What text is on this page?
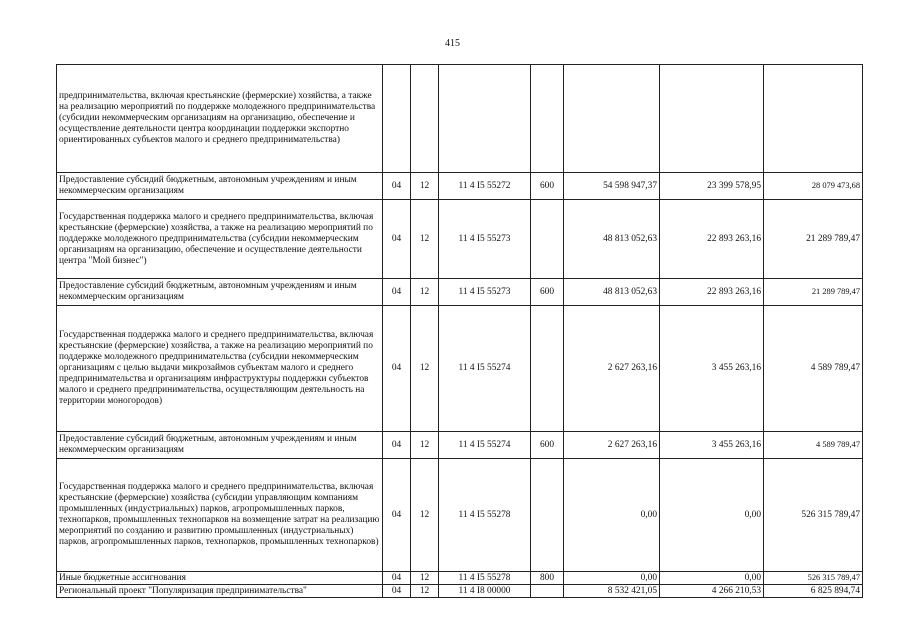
415
предпринимательства, включая крестьянские (фермерские) хозяйства, а также на реализацию мероприятий по поддержке молодежного предпринимательства (субсидии некоммерческим организациям на организацию, обеспечение и осуществление деятельности центра координации поддержки экспортно ориентированных субъектов малого и среднего предпринимательства)							
Предоставление субсидий бюджетным, автономным учреждениям и иным некоммерческим организациям	04	12	11 4 I5 55272	600	54 598 947,37	23 399 578,95	28 079 473,68
Государственная поддержка малого и среднего предпринимательства, включая крестьянские (фермерские) хозяйства, а также на реализацию мероприятий по поддержке молодежного предпринимательства (субсидии некоммерческим организациям на организацию, обеспечение и осуществление деятельности центра "Мой бизнес")	04	12	11 4 I5 55273		48 813 052,63	22 893 263,16	21 289 789,47
Предоставление субсидий бюджетным, автономным учреждениям и иным некоммерческим организациям	04	12	11 4 I5 55273	600	48 813 052,63	22 893 263,16	21 289 789,47
Государственная поддержка малого и среднего предпринимательства, включая крестьянские (фермерские) хозяйства, а также на реализацию мероприятий по поддержке молодежного предпринимательства (субсидии некоммерческим организациям с целью выдачи микрозаймов субъектам малого и среднего предпринимательства и организациям инфраструктуры поддержки субъектов малого и среднего предпринимательства, осуществляющим деятельность на территории моногородов)	04	12	11 4 I5 55274		2 627 263,16	3 455 263,16	4 589 789,47
Предоставление субсидий бюджетным, автономным учреждениям и иным некоммерческим организациям	04	12	11 4 I5 55274	600	2 627 263,16	3 455 263,16	4 589 789,47
Государственная поддержка малого и среднего предпринимательства, включая крестьянские (фермерские) хозяйства (субсидии управляющим компаниям промышленных (индустриальных) парков, агропромышленных парков, технопарков, промышленных технопарков на возмещение затрат на реализацию мероприятий по созданию и развитию промышленных (индустриальных) парков, агропромышленных парков, технопарков, промышленных технопарков)	04	12	11 4 I5 55278		0,00	0,00	526 315 789,47
Иные бюджетные ассигнования	04	12	11 4 I5 55278	800	0,00	0,00	526 315 789,47
Региональный проект "Популяризация предпринимательства"	04	12	11 4 I8 00000		8 532 421,05	4 266 210,53	6 825 894,74
